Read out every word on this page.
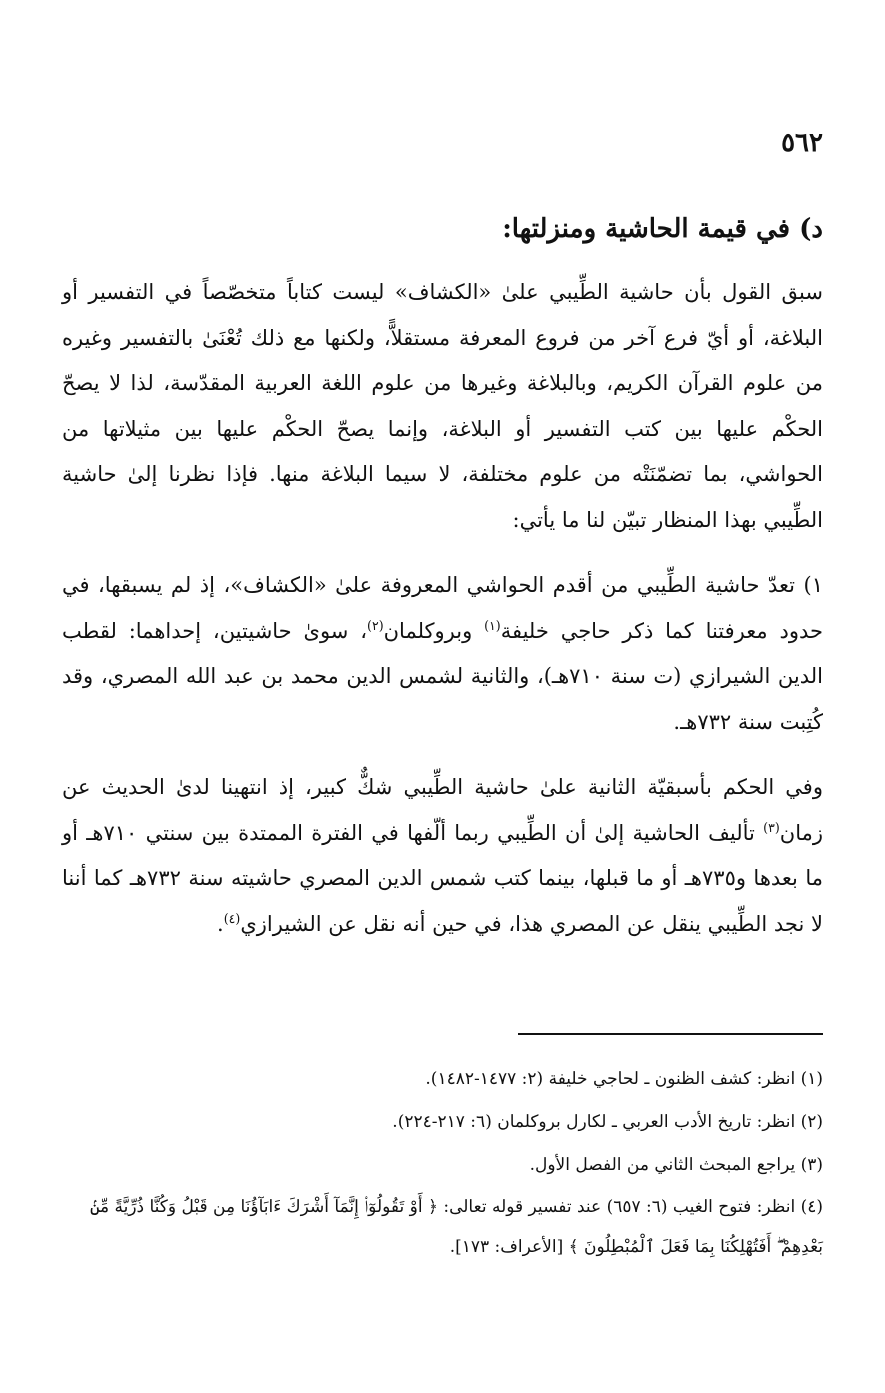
٥٦٢
د) في قيمة الحاشية ومنزلتها:

سبق القول بأن حاشية الطِّيبي علىٰ «الكشاف» ليست كتاباً متخصّصاً في التفسير أو البلاغة، أو أيّ فرع آخر من فروع المعرفة مستقلاًّ، ولكنها مع ذلك تُعْنَىٰ بالتفسير وغيره من علوم القرآن الكريم، وبالبلاغة وغيرها من علوم اللغة العربية المقدّسة، لذا لا يصحّ الحكْم عليها بين كتب التفسير أو البلاغة، وإنما يصحّ الحكْم عليها بين مثيلاتها من الحواشي، بما تضمّنَتْه من علوم مختلفة، لا سيما البلاغة منها. فإذا نظرنا إلىٰ حاشية الطِّيبي بهذا المنظار تبيّن لنا ما يأتي:

١) تعدّ حاشية الطِّيبي من أقدم الحواشي المعروفة علىٰ «الكشاف»، إذ لم يسبقها، في حدود معرفتنا كما ذكر حاجي خليفة$^{(١)}$ وبروكلمان$^{(٢)}$، سوىٰ حاشيتين، إحداهما: لقطب الدين الشيرازي (ت سنة ٧١٠هـ)، والثانية لشمس الدين محمد بن عبد الله المصري، وقد كُتِبت سنة ٧٣٢هـ.

وفي الحكم بأسبقيّة الثانية علىٰ حاشية الطِّيبي شكٌّ كبير، إذ انتهينا لدىٰ الحديث عن زمان$^{(٣)}$ تأليف الحاشية إلىٰ أن الطِّيبي ربما ألّفها في الفترة الممتدة بين سنتي ٧١٠هـ أو ما بعدها و٧٣٥هـ أو ما قبلها، بينما كتب شمس الدين المصري حاشيته سنة ٧٣٢هـ كما أننا لا نجد الطِّيبي ينقل عن المصري هذا، في حين أنه نقل عن الشيرازي$^{(٤)}$.

(١) انظر: كشف الظنون ـ لحاجي خليفة (٢: ١٤٧٧-١٤٨٢).

(٢) انظر: تاريخ الأدب العربي ـ لكارل بروكلمان (٦: ٢١٧-٢٢٤).

(٣) يراجع المبحث الثاني من الفصل الأول.

(٤) انظر: فتوح الغيب (٦: ٦٥٧) عند تفسير قوله تعالى: ﴿ أَوْ تَقُولُوٓا۟ إِنَّمَآ أَشْرَكَ ءَابَآؤُنَا مِن قَبْلُ وَكُنَّا ذُرِّيَّةً مِّنۢ بَعْدِهِمْ ۖ أَفَتُهْلِكُنَا بِمَا فَعَلَ ٱلْمُبْطِلُونَ ﴾ [الأعراف: ١٧٣].
